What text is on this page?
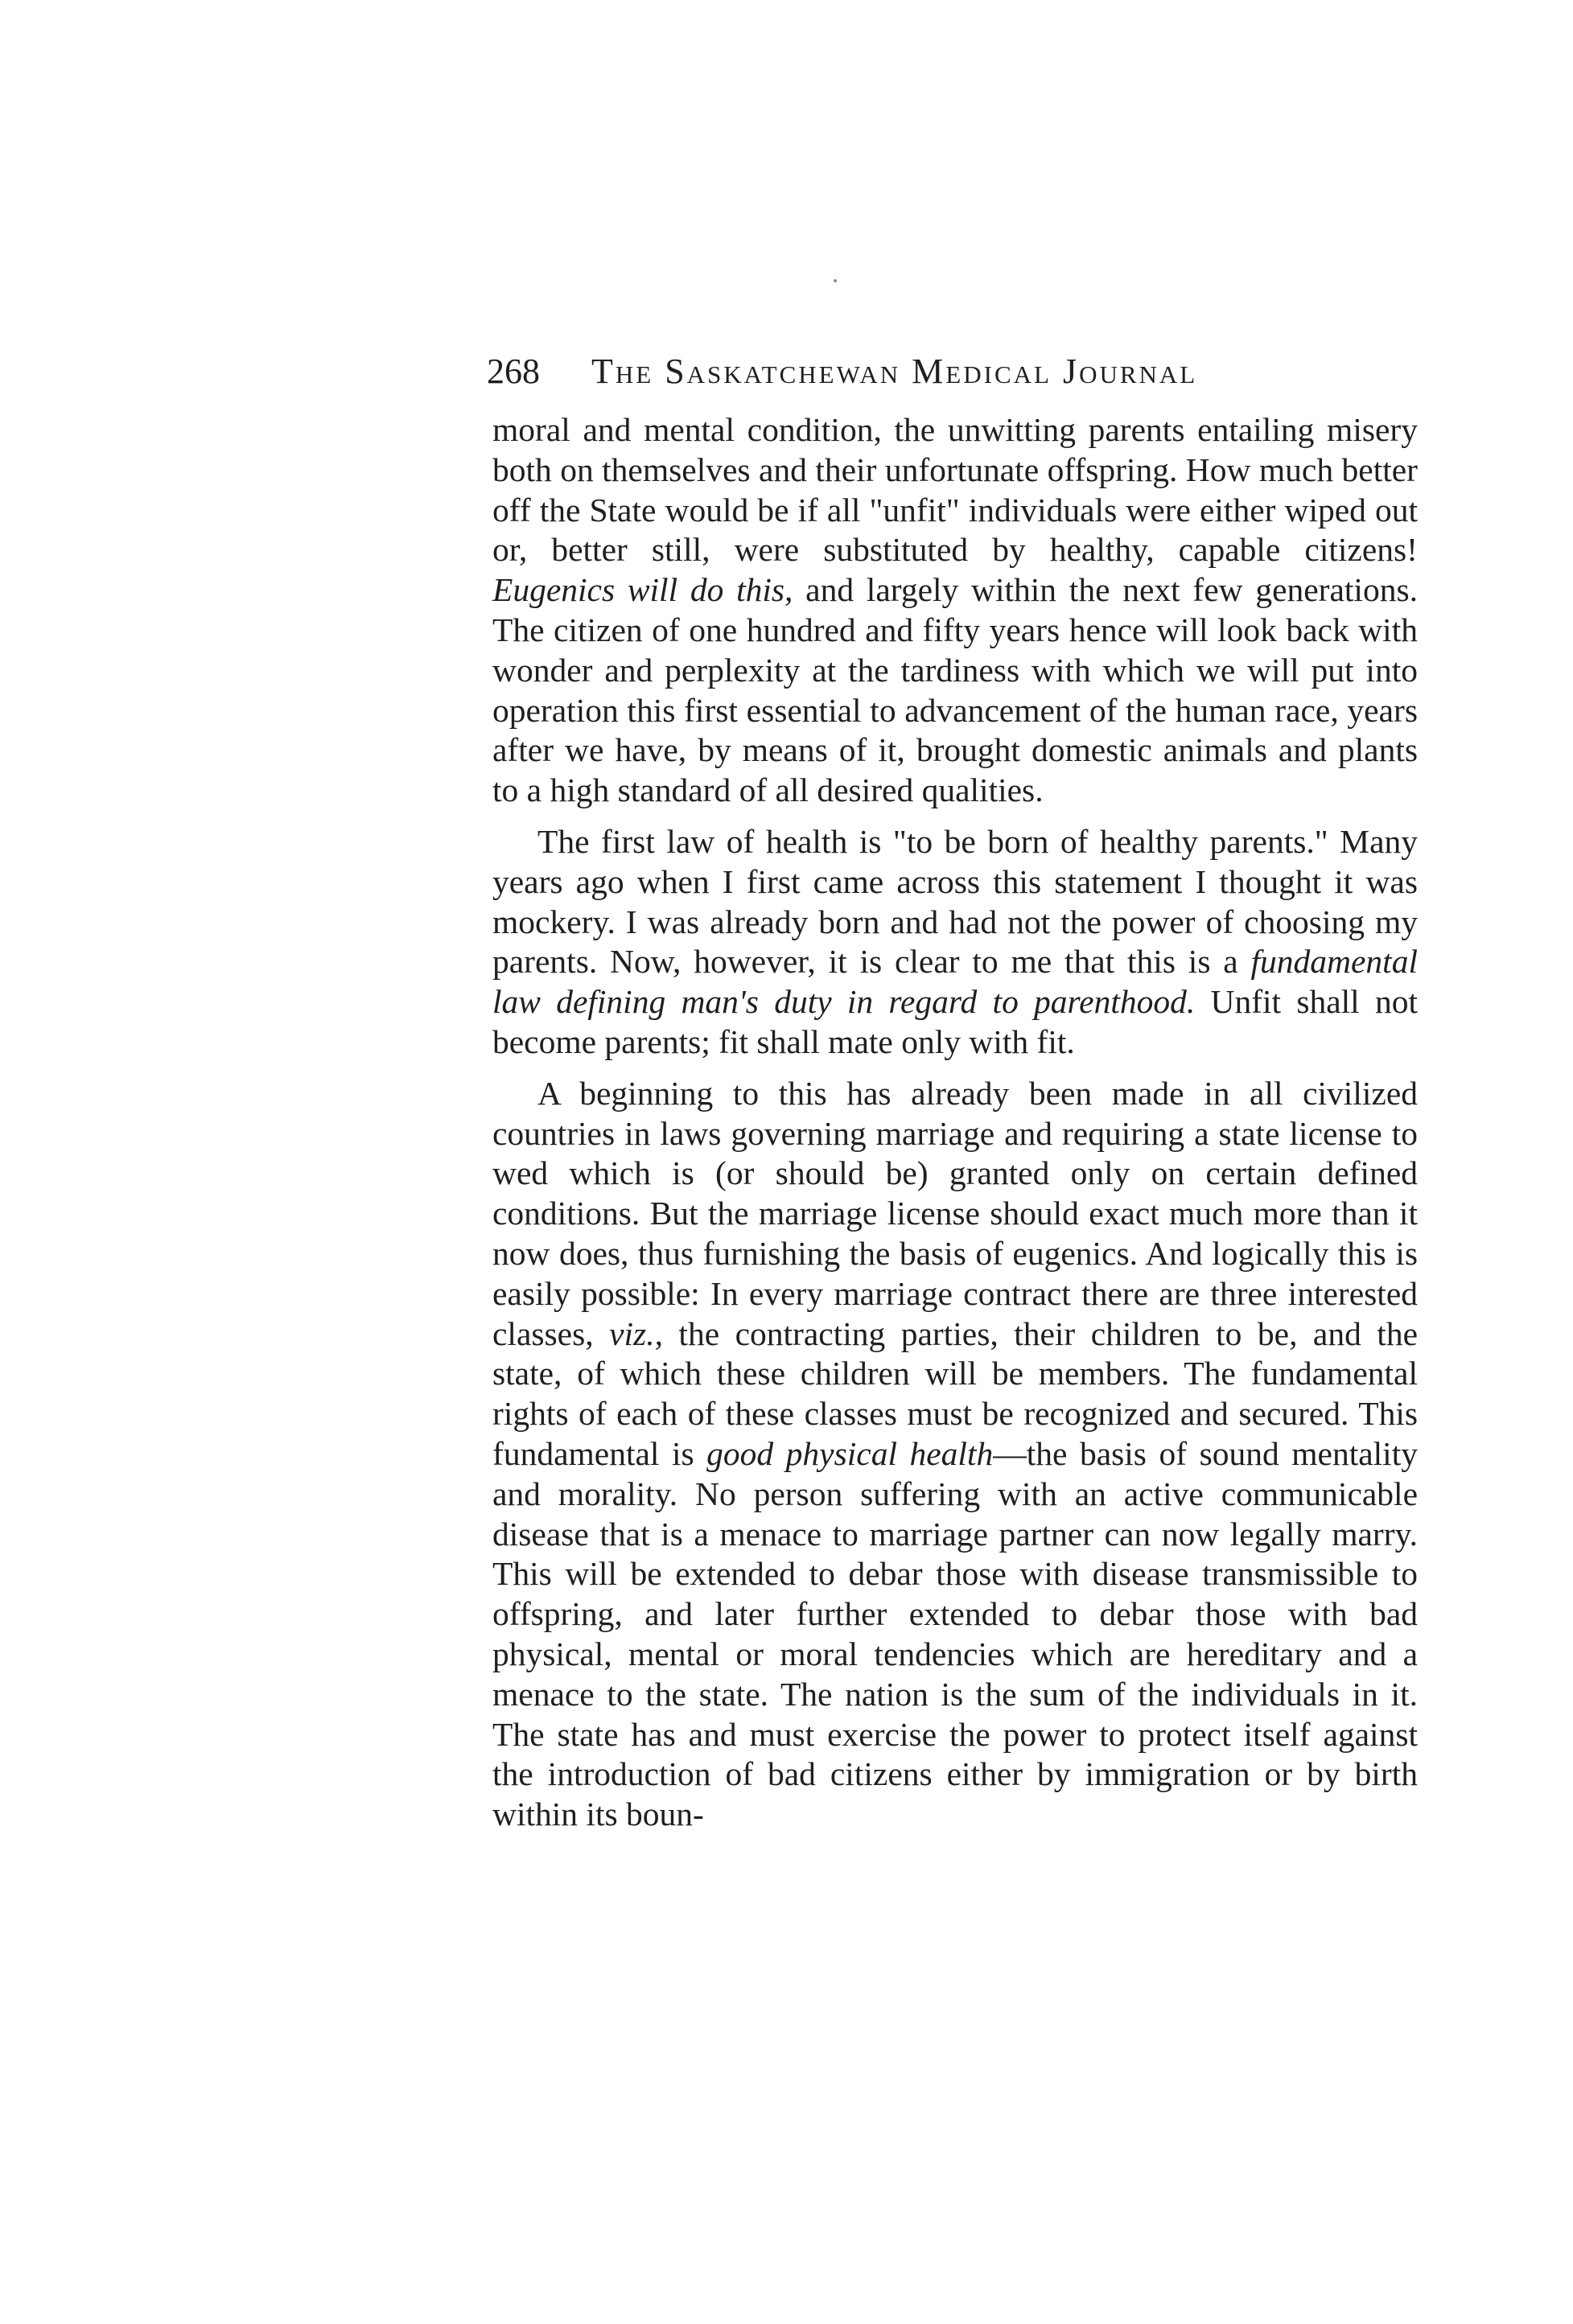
268 The Saskatchewan Medical Journal

moral and mental condition, the unwitting parents entailing misery both on themselves and their unfortunate offspring. How much better off the State would be if all "unfit" individuals were either wiped out or, better still, were substituted by healthy, capable citizens! Eugenics will do this, and largely within the next few generations. The citizen of one hundred and fifty years hence will look back with wonder and perplexity at the tardiness with which we will put into operation this first essential to advancement of the human race, years after we have, by means of it, brought domestic animals and plants to a high standard of all desired qualities.

The first law of health is "to be born of healthy parents." Many years ago when I first came across this statement I thought it was mockery. I was already born and had not the power of choosing my parents. Now, however, it is clear to me that this is a fundamental law defining man's duty in regard to parenthood. Unfit shall not become parents; fit shall mate only with fit.

A beginning to this has already been made in all civilized countries in laws governing marriage and requiring a state license to wed which is (or should be) granted only on certain defined conditions. But the marriage license should exact much more than it now does, thus furnishing the basis of eugenics. And logically this is easily possible: In every marriage contract there are three interested classes, viz., the contracting parties, their children to be, and the state, of which these children will be members. The fundamental rights of each of these classes must be recognized and secured. This fundamental is good physical health—the basis of sound mentality and morality. No person suffering with an active communicable disease that is a menace to marriage partner can now legally marry. This will be extended to debar those with disease transmissible to offspring, and later further extended to debar those with bad physical, mental or moral tendencies which are hereditary and a menace to the state. The nation is the sum of the individuals in it. The state has and must exercise the power to protect itself against the introduction of bad citizens either by immigration or by birth within its boun-
